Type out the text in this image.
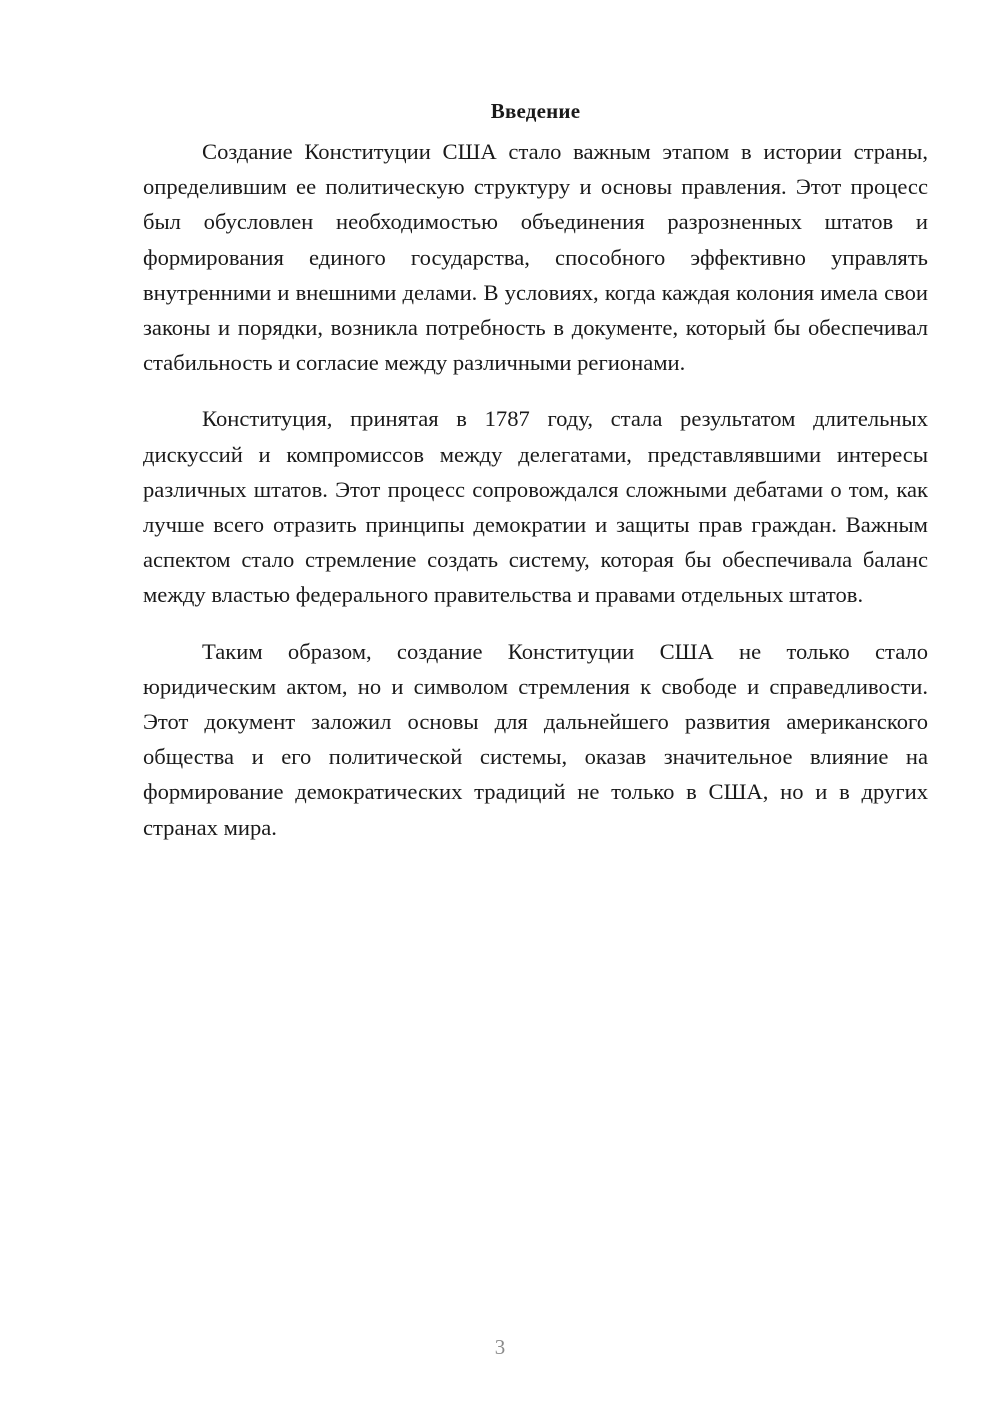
Введение

Создание Конституции США стало важным этапом в истории страны, определившим ее политическую структуру и основы правления. Этот процесс был обусловлен необходимостью объединения разрозненных штатов и формирования единого государства, способного эффективно управлять внутренними и внешними делами. В условиях, когда каждая колония имела свои законы и порядки, возникла потребность в документе, который бы обеспечивал стабильность и согласие между различными регионами.

Конституция, принятая в 1787 году, стала результатом длительных дискуссий и компромиссов между делегатами, представлявшими интересы различных штатов. Этот процесс сопровождался сложными дебатами о том, как лучше всего отразить принципы демократии и защиты прав граждан. Важным аспектом стало стремление создать систему, которая бы обеспечивала баланс между властью федерального правительства и правами отдельных штатов.

Таким образом, создание Конституции США не только стало юридическим актом, но и символом стремления к свободе и справедливости. Этот документ заложил основы для дальнейшего развития американского общества и его политической системы, оказав значительное влияние на формирование демократических традиций не только в США, но и в других странах мира.

3
